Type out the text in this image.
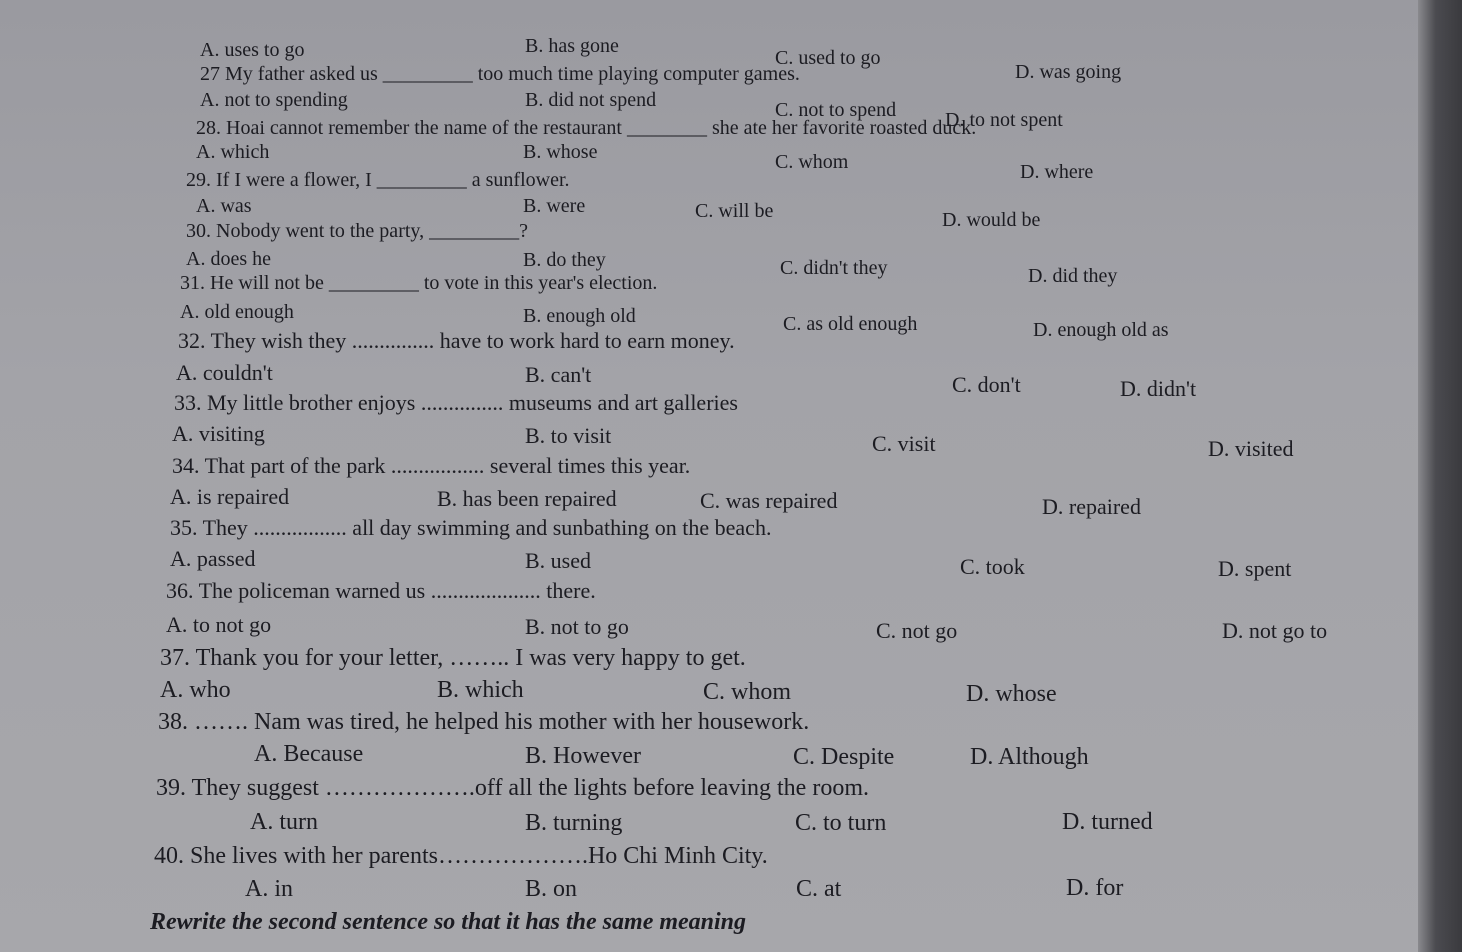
A. uses to go	B. has gone
C. used to go
D. was going
27 My father asked us _________ too much time playing computer games.
A. not to spending	B. did not spend	C. not to spend D. to not spent
28. Hoai cannot remember the name of the restaurant ________ she ate her favorite roasted duck.
A. which	B. whose	C. whom	D. where
29. If I were a flower, I _________ a sunflower.
A. was	B. were	C. will be	D. would be
30. Nobody went to the party, _________?
A. does he	B. do they	C. didn't they	D. did they
31. He will not be _________ to vote in this year's election.
A. old enough	B. enough old	C. as old enough	D. enough old as
32. They wish they ............... have to work hard to earn money.
A. couldn't	B. can't	C. don't	D. didn't
33. My little brother enjoys ............... museums and art galleries
A. visiting	B. to visit	C. visit	D. visited
34. That part of the park ................. several times this year.
A. is repaired	B. has been repaired	C. was repaired	D. repaired
35. They ................. all day swimming and sunbathing on the beach.
A. passed	B. used	C. took	D. spent
36. The policeman warned us .................... there.
A. to not go	B. not to go	C. not go	D. not go to
37. Thank you for your letter, …….. I was very happy to get.
A. who	B. which	C. whom	D. whose
38. ……. Nam was tired, he helped his mother with her housework.
A. Because	B. However	C. Despite	D. Although
39. They suggest ……………….off all the lights before leaving the room.
A. turn	B. turning	C. to turn	D. turned
40. She lives with her parents……………….Ho Chi Minh City.
A. in	B. on	C. at	D. for
Rewrite the second sentence so that it has the same meaning
